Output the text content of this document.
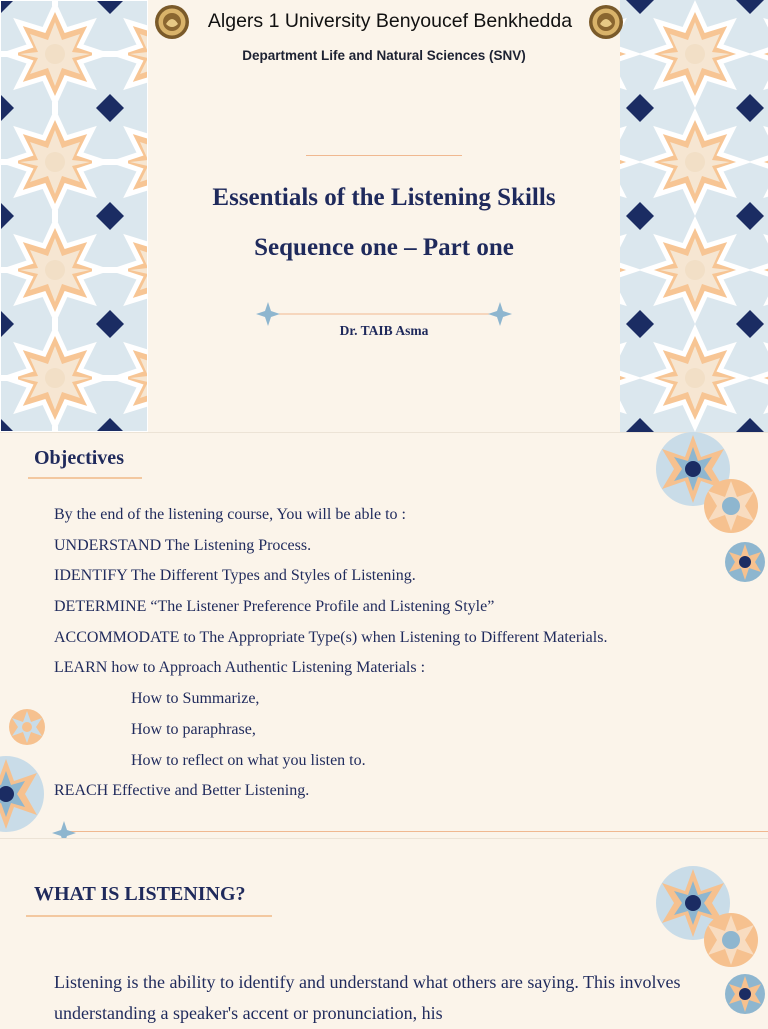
Algers 1 University Benyoucef Benkhedda
Department Life and Natural Sciences (SNV)
Essentials of the Listening Skills
Sequence one – Part one
Dr. TAIB Asma
Objectives
By the end of the listening course, You will be able to :
UNDERSTAND The Listening Process.
IDENTIFY The Different Types and Styles of Listening.
DETERMINE “The Listener Preference Profile and Listening Style”
ACCOMMODATE to The Appropriate Type(s) when Listening to Different Materials.
LEARN how to Approach Authentic Listening Materials :
How to Summarize,
How to paraphrase,
How to reflect on what you listen to.
REACH Effective and Better Listening.
WHAT IS LISTENING?

Listening is the ability to identify and understand what others are saying. This involves understanding a speaker's accent or pronunciation, his
